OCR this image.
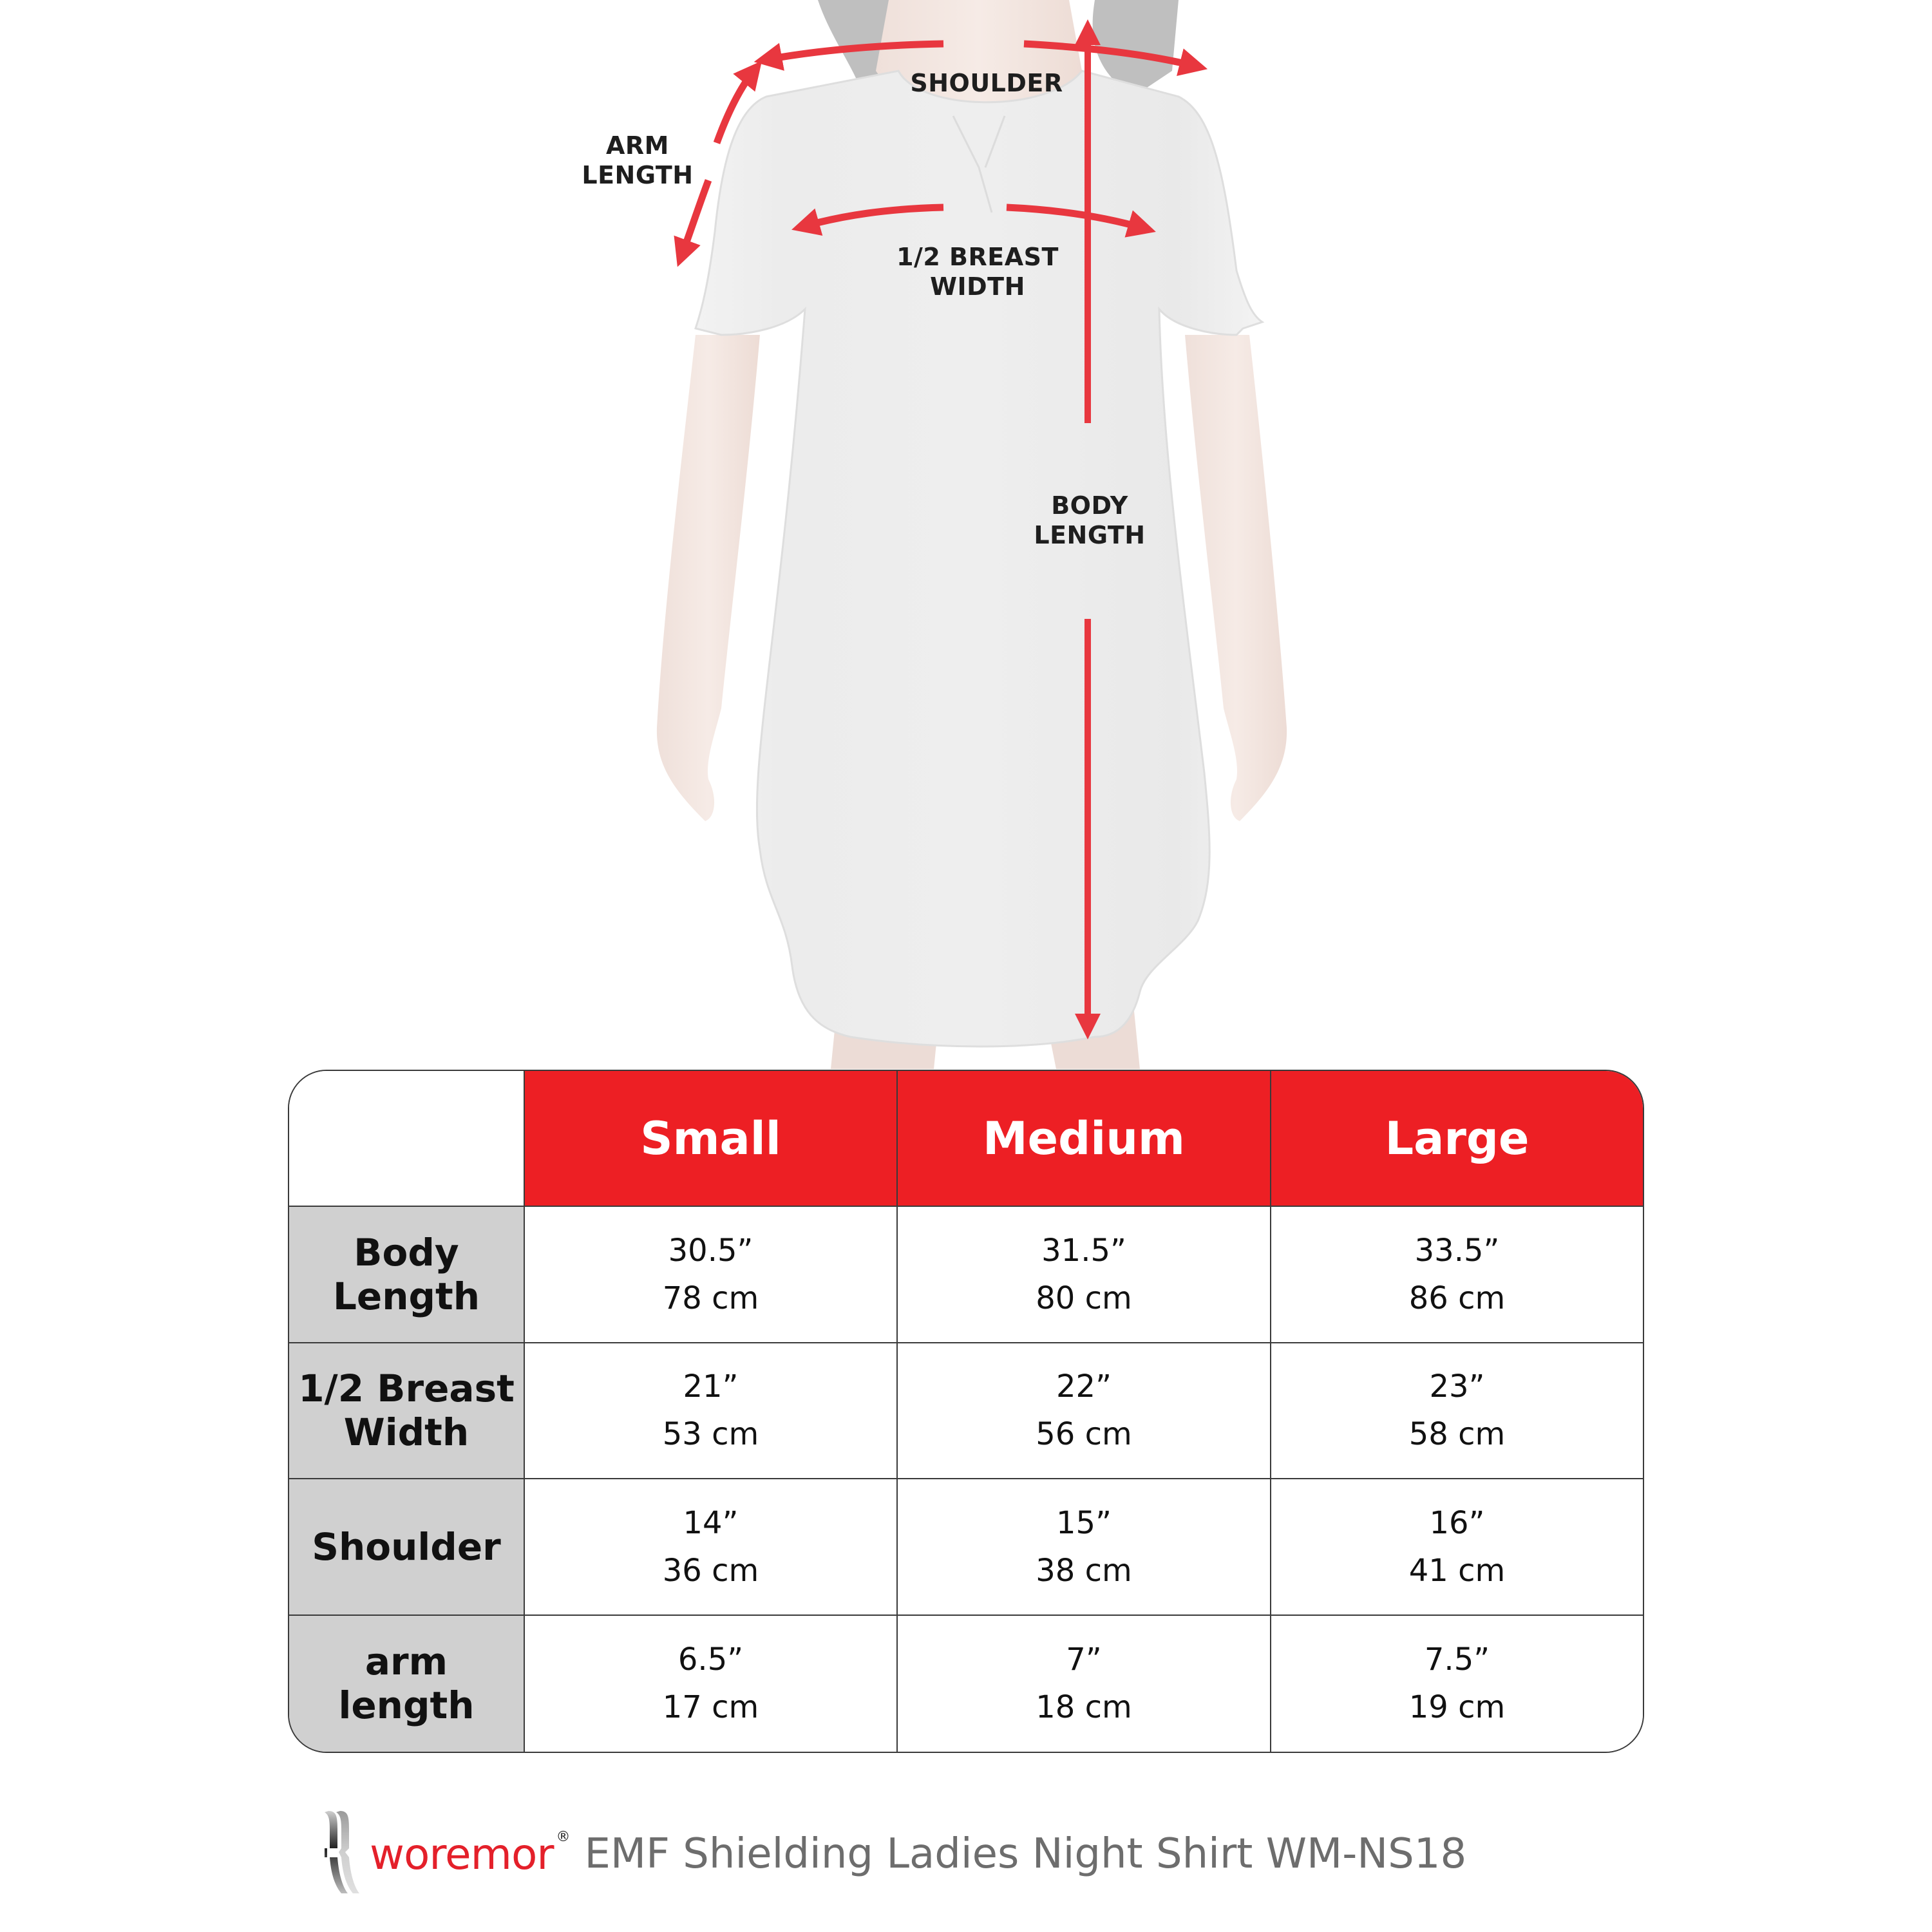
SHOULDER
ARM
LENGTH
1/2 BREAST
WIDTH
BODY
LENGTH
Small	Medium	Large
Body
Length
30.5”
78 cm
31.5”
80 cm
33.5”
86 cm
1/2 Breast
Width
21”
53 cm
22”
56 cm
23”
58 cm
Shoulder
14”
36 cm
15”
38 cm
16”
41 cm
arm
length
6.5”
17 cm
7”
18 cm
7.5”
19 cm
woremor ® EMF Shielding Ladies Night Shirt WM-NS18
